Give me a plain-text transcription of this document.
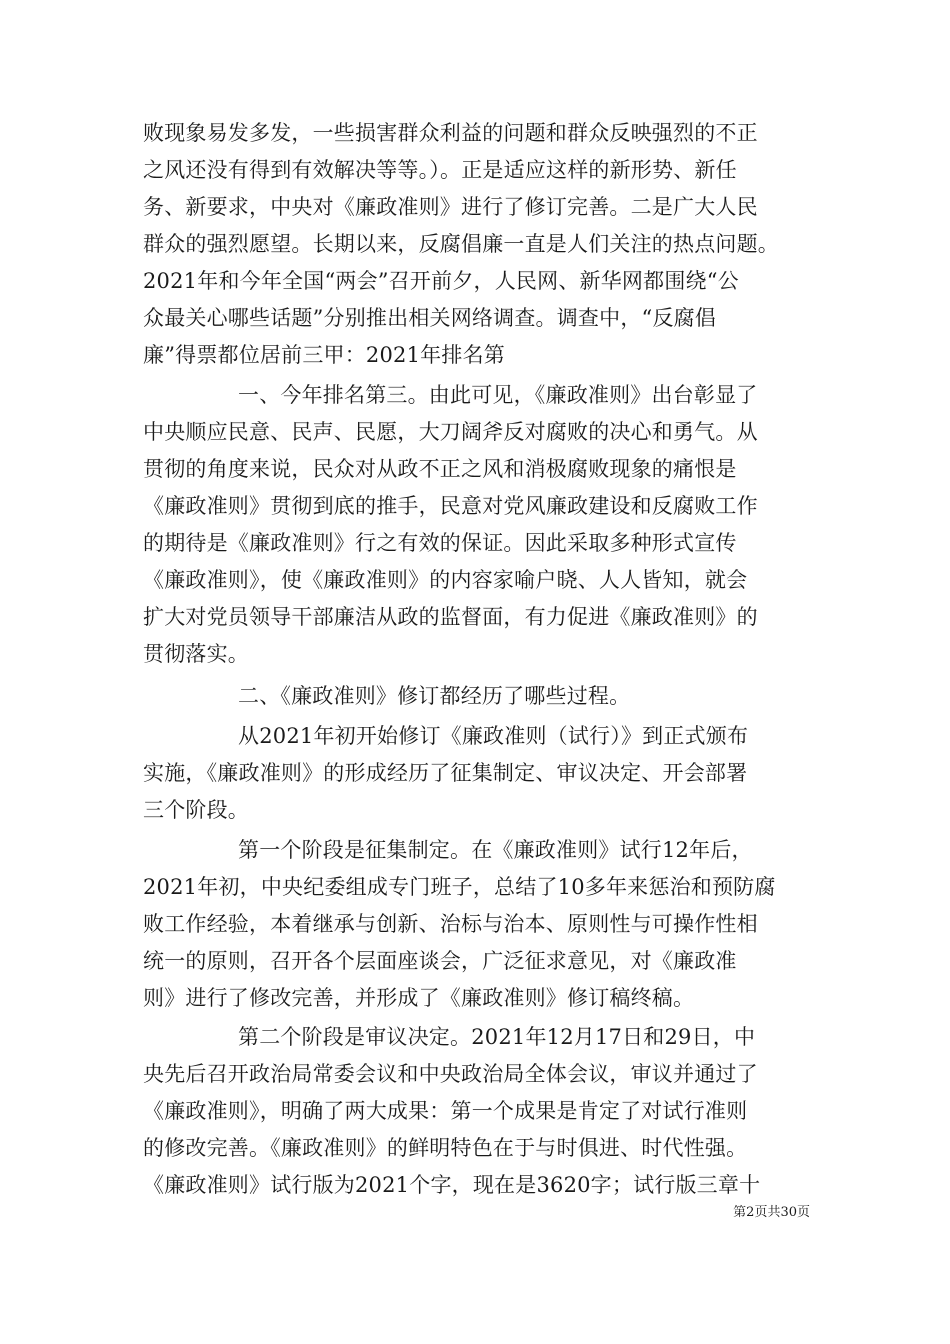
败现象易发多发，一些损害群众利益的问题和群众反映强烈的不正
之风还没有得到有效解决等等。）。正是适应这样的新形势、新任
务、新要求，中央对《廉政准则》进行了修订完善。二是广大人民
群众的强烈愿望。长期以来，反腐倡廉一直是人们关注的热点问题。
2021年和今年全国“两会”召开前夕，人民网、新华网都围绕“公
众最关心哪些话题”分别推出相关网络调查。调查中，“反腐倡
廉”得票都位居前三甲：2021年排名第
一、今年排名第三。由此可见，《廉政准则》出台彰显了
中央顺应民意、民声、民愿，大刀阔斧反对腐败的决心和勇气。从
贯彻的角度来说，民众对从政不正之风和消极腐败现象的痛恨是
《廉政准则》贯彻到底的推手，民意对党风廉政建设和反腐败工作
的期待是《廉政准则》行之有效的保证。因此采取多种形式宣传
《廉政准则》，使《廉政准则》的内容家喻户晓、人人皆知，就会
扩大对党员领导干部廉洁从政的监督面，有力促进《廉政准则》的
贯彻落实。
二、《廉政准则》修订都经历了哪些过程。
从2021年初开始修订《廉政准则（试行）》到正式颁布
实施，《廉政准则》的形成经历了征集制定、审议决定、开会部署
三个阶段。
第一个阶段是征集制定。在《廉政准则》试行12年后，
2021年初，中央纪委组成专门班子，总结了10多年来惩治和预防腐
败工作经验，本着继承与创新、治标与治本、原则性与可操作性相
统一的原则，召开各个层面座谈会，广泛征求意见，对《廉政准
则》进行了修改完善，并形成了《廉政准则》修订稿终稿。
第二个阶段是审议决定。2021年12月17日和29日，中
央先后召开政治局常委会议和中央政治局全体会议，审议并通过了
《廉政准则》，明确了两大成果：第一个成果是肯定了对试行准则
的修改完善。《廉政准则》的鲜明特色在于与时俱进、时代性强。
《廉政准则》试行版为2021个字，现在是3620字；试行版三章十
第2页共30页
